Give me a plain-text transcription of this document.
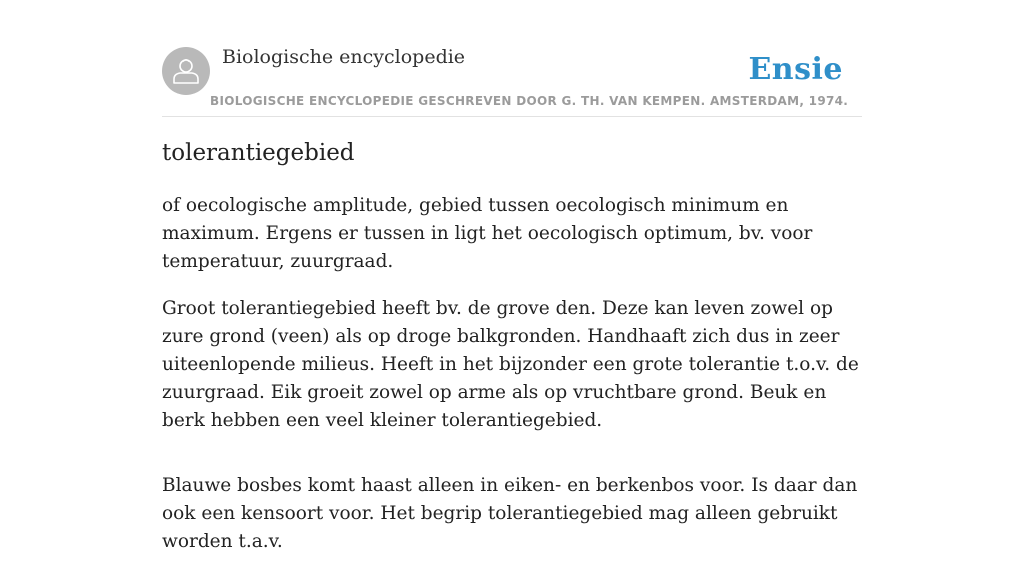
Biologische encyclopedie	Ensie
BIOLOGISCHE ENCYCLOPEDIE GESCHREVEN DOOR G. TH. VAN KEMPEN. AMSTERDAM, 1974.
tolerantiegebied

of oecologische amplitude, gebied tussen oecologisch minimum en maximum. Ergens er tussen in ligt het oecologisch optimum, bv. voor temperatuur, zuurgraad.

Groot tolerantiegebied heeft bv. de grove den. Deze kan leven zowel op zure grond (veen) als op droge balkgronden. Handhaaft zich dus in zeer uiteenlopende milieus. Heeft in het bijzonder een grote tolerantie t.o.v. de zuurgraad. Eik groeit zowel op arme als op vruchtbare grond. Beuk en berk hebben een veel kleiner tolerantiegebied.

Blauwe bosbes komt haast alleen in eiken- en berkenbos voor. Is daar dan ook een kensoort voor. Het begrip tolerantiegebied mag alleen gebruikt worden t.a.v.
